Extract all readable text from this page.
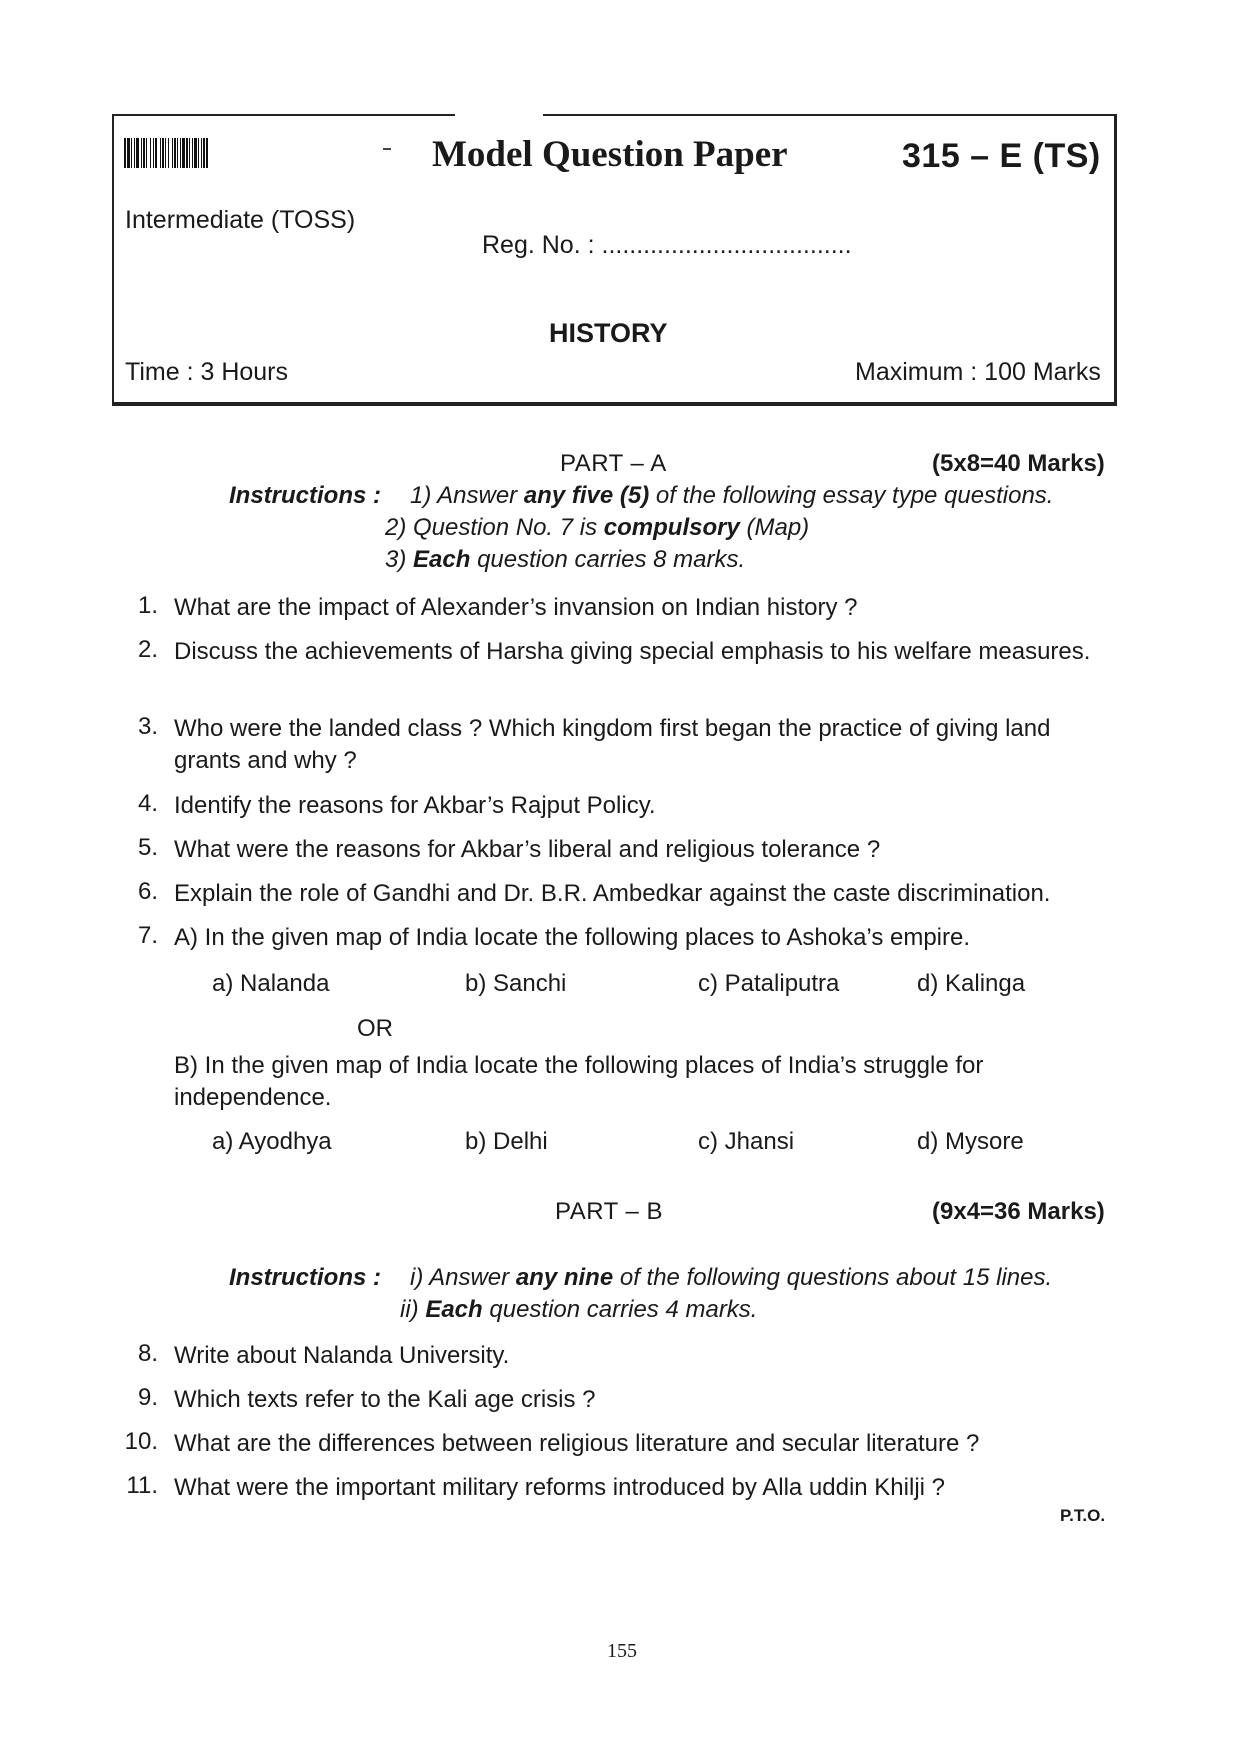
Model Question Paper	315 – E (TS)
Intermediate (TOSS)
Reg. No. : ....................................
HISTORY
Time : 3 Hours	Maximum : 100 Marks
PART – A	(5x8=40 Marks)
Instructions :
OR
B) In the given map of India locate the following places of India’s struggle for independence.
PART – B	(9x4=36 Marks)
Instructions :
P.T.O.
155
1) Answer any five (5) of the following essay type questions.
2) Question No. 7 is compulsory (Map)
3) Each question carries 8 marks.
1. What are the impact of Alexander’s invansion on Indian history ?
2. Discuss the achievements of Harsha giving special emphasis to his welfare measures.
3. Who were the landed class ? Which kingdom first began the practice of giving land grants and why ?
4. Identify the reasons for Akbar’s Rajput Policy.
5. What were the reasons for Akbar’s liberal and religious tolerance ?
6. Explain the role of Gandhi and Dr. B.R. Ambedkar against the caste discrimination.
7. A) In the given map of India locate the following places to Ashoka’s empire.
a) Nalanda	b) Sanchi	c) Pataliputra	d) Kalinga
a) Ayodhya	b) Delhi	c) Jhansi	d) Mysore
i) Answer any nine of the following questions about 15 lines.
ii) Each question carries 4 marks.
8. Write about Nalanda University.
9. Which texts refer to the Kali age crisis ?
10. What are the differences between religious literature and secular literature ?
11. What were the important military reforms introduced by Alla uddin Khilji ?
